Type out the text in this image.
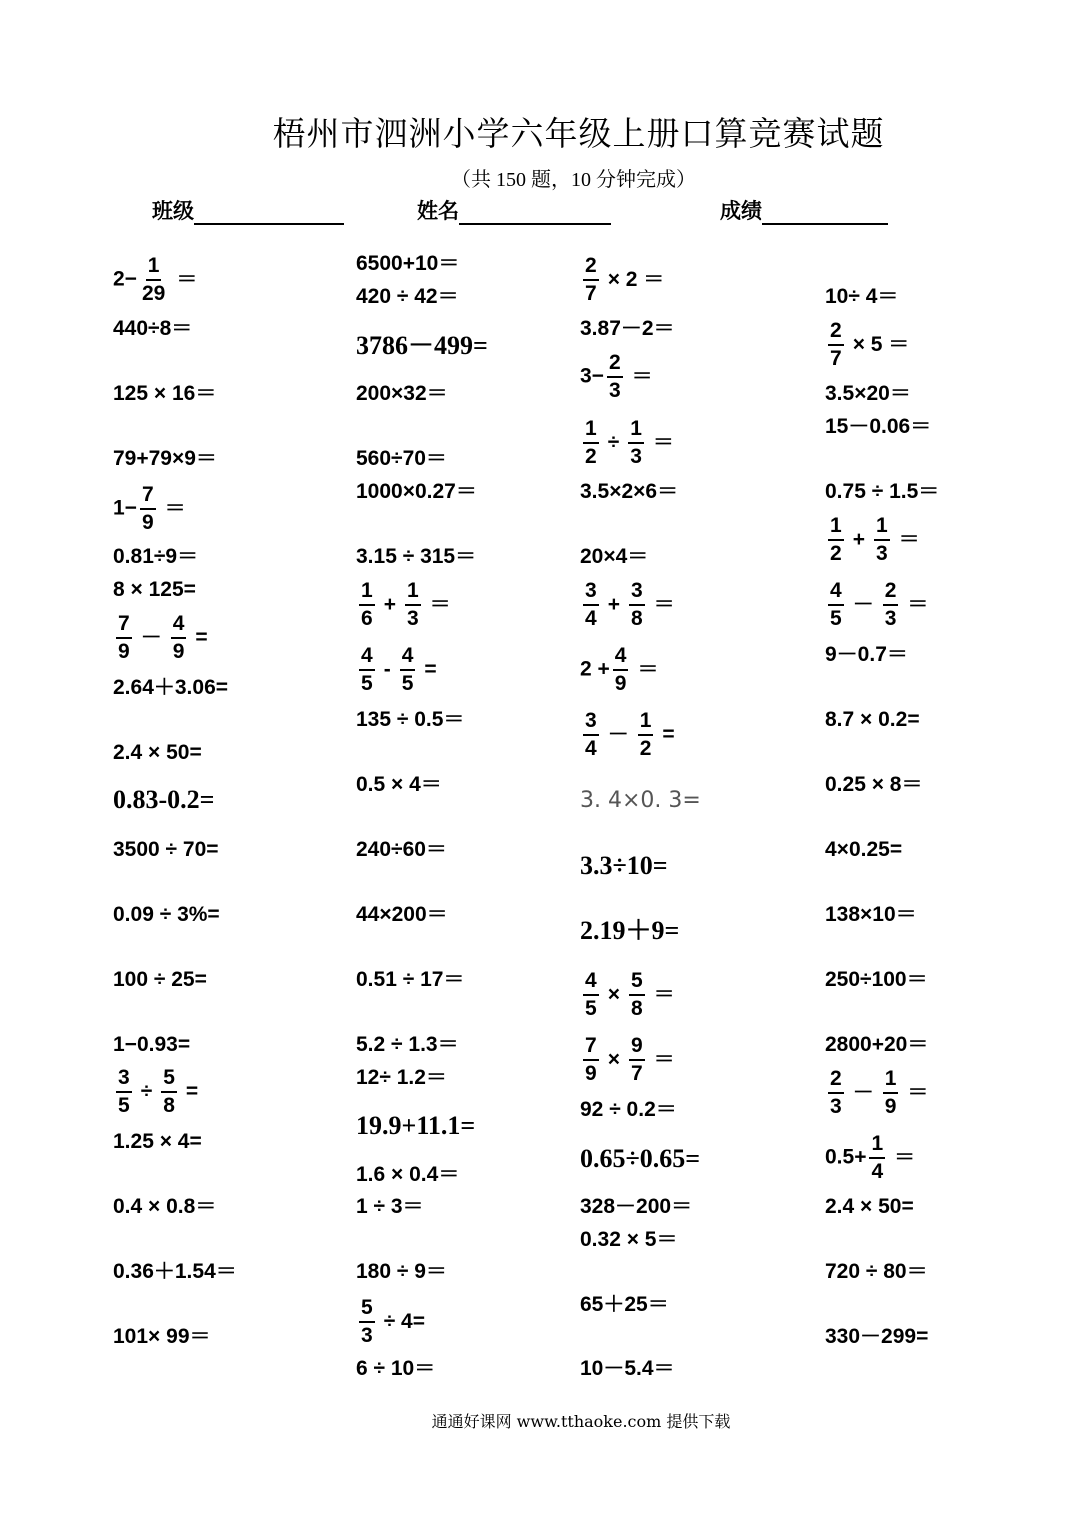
梧州市泗洲小学六年级上册口算竞赛试题
（共 150 题，10 分钟完成）
班级	姓名	成绩
$2- \frac{1}{29}$ ＝
440÷8＝
125 × 16＝
79+79×9＝
$1- \frac{7}{9}$ ＝
0.81÷9＝
8 × 125=
$\frac{7}{9} - \frac{4}{9}$ =
2.64＋3.06=
2.4 × 50=
0.83-0.2=
3500 ÷ 70=
0.09 ÷ 3%=
100 ÷ 25=
1−0.93=
$\frac{3}{5} \div \frac{5}{8}$ =
1.25 × 4=
0.4 × 0.8＝
0.36＋1.54＝
101× 99＝
6500+10＝
420 ÷ 42＝
3786－499=
200×32＝
560÷70＝
1000×0.27＝
3.15 ÷ 315＝
$\frac{1}{6} + \frac{1}{3}$ ＝
$\frac{4}{5} - \frac{4}{5}$ =
135 ÷ 0.5＝
0.5 × 4＝
240÷60＝
44×200＝
0.51 ÷ 17＝
5.2 ÷ 1.3＝
12÷ 1.2＝
19.9+11.1=
1.6 × 0.4＝
1 ÷ 3＝
180 ÷ 9＝
$\frac{5}{3} \div 4=$
6 ÷ 10＝
$\frac{2}{7} \times 2$ ＝
3.87－2＝
$3- \frac{2}{3}$ ＝
$\frac{1}{2} \div \frac{1}{3}$ ＝
3.5×2×6＝
20×4＝
$\frac{3}{4} + \frac{3}{8}$ ＝
$2 + \frac{4}{9}$ ＝
$\frac{3}{4} - \frac{1}{2}$ =
3. 4×0. 3=
3.3÷10=
2.19＋9=
$\frac{4}{5} \times \frac{5}{8}$ ＝
$\frac{7}{9} \times \frac{9}{7}$ ＝
92 ÷ 0.2＝
0.65÷0.65=
328－200＝
0.32 × 5＝
65＋25＝
10－5.4＝
10÷ 4＝
$\frac{2}{7} \times 5$ ＝
3.5×20＝
15－0.06＝
0.75 ÷ 1.5＝
$\frac{1}{2} + \frac{1}{3}$ ＝
$\frac{4}{5} - \frac{2}{3}$ ＝
9－0.7＝
8.7 × 0.2=
0.25 × 8＝
4×0.25=
138×10＝
250÷100＝
2800+20＝
$\frac{2}{3} - \frac{1}{9}$ ＝
$0.5+ \frac{1}{4}$ ＝
2.4 × 50=
720 ÷ 80＝
330－299=
通通好课网 www.tthaoke.com 提供下载
